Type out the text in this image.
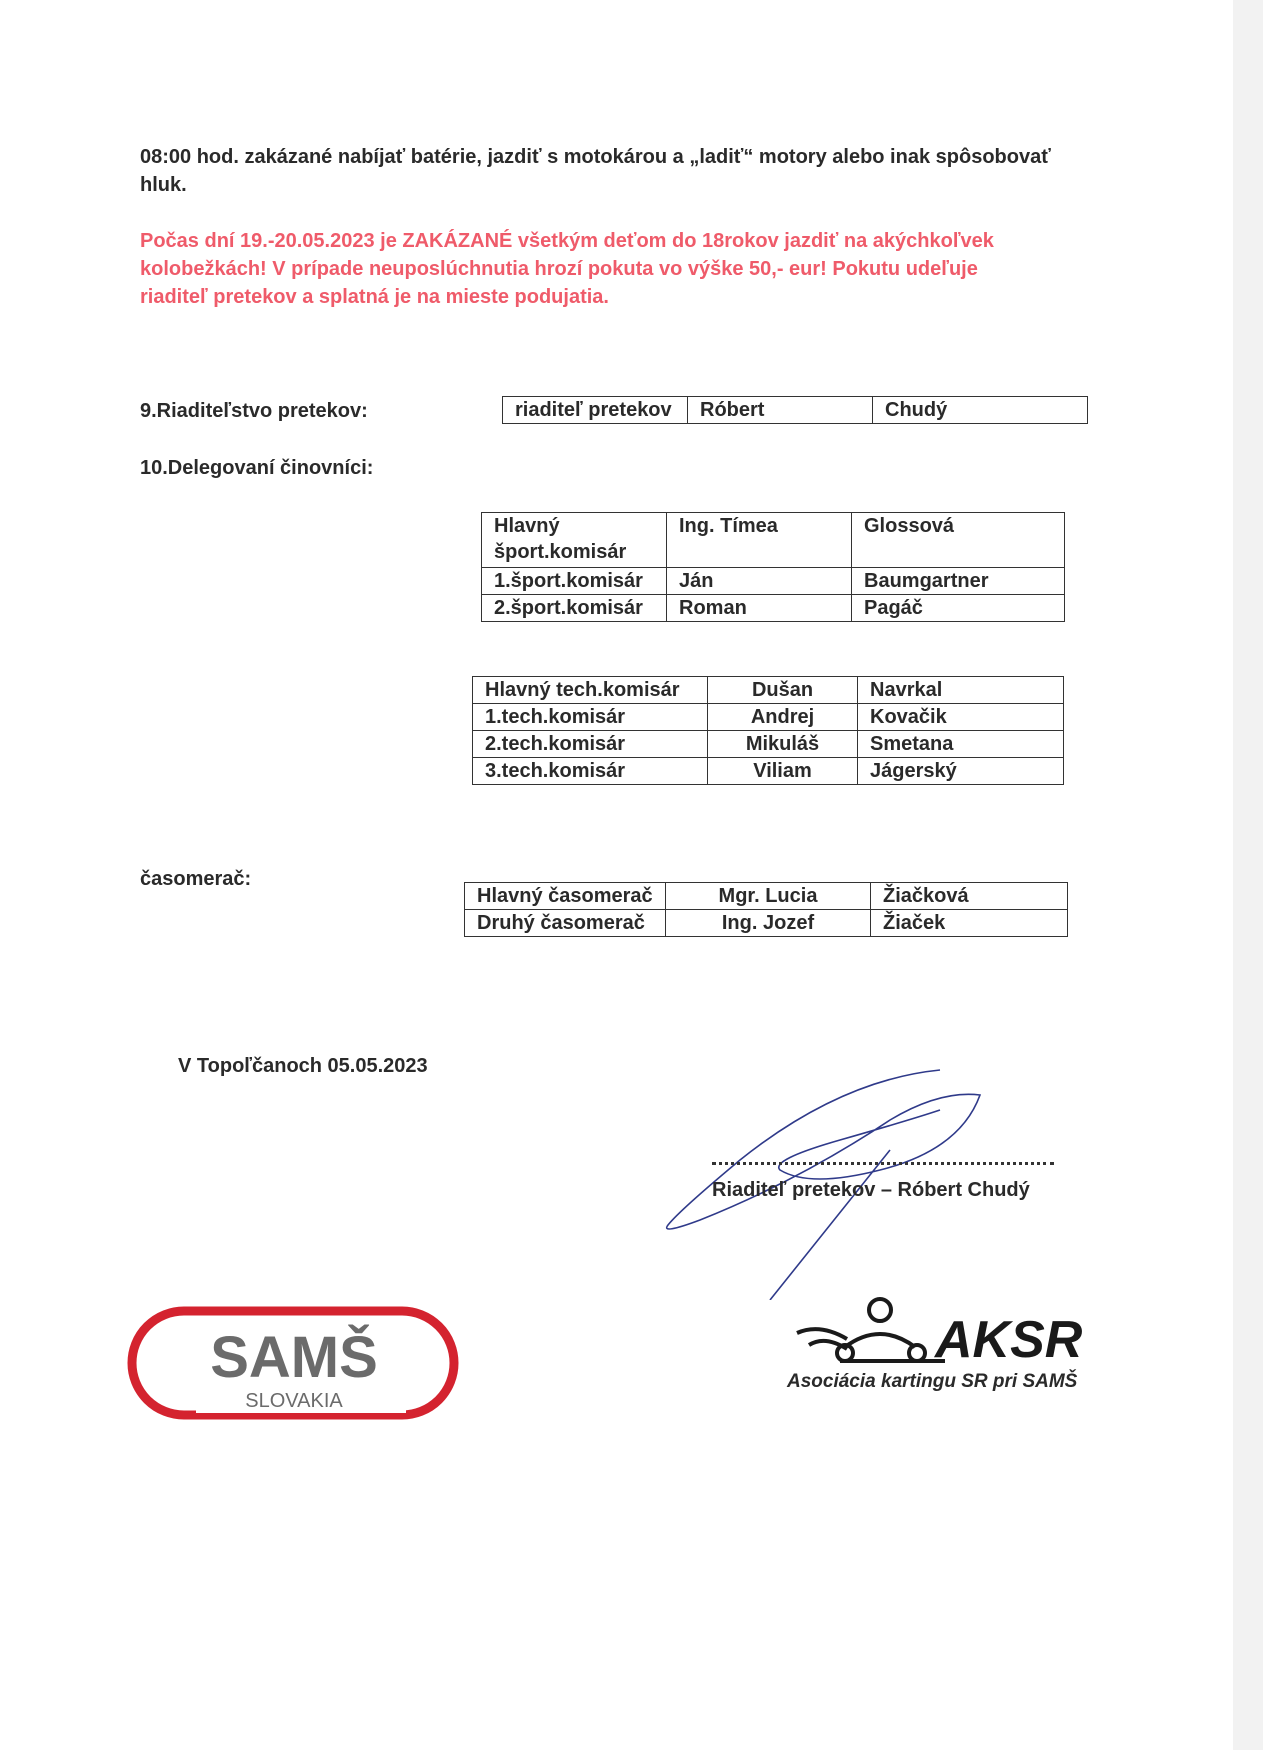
08:00 hod. zakázané nabíjať batérie, jazdiť s motokárou a „ladiť“ motory alebo inak spôsobovať hluk.
Počas dní 19.-20.05.2023 je ZAKÁZANÉ všetkým deťom do 18rokov jazdiť na akýchkoľvek kolobežkách! V prípade neuposlúchnutia hrozí pokuta vo výške 50,- eur! Pokutu udeľuje riaditeľ pretekov a splatná je na mieste podujatia.
9.Riaditeľstvo pretekov:	riaditeľ pretekov	Róbert	Chudý
10.Delegovaní činovníci:
Hlavný šport.komisár	Ing. Tímea	Glossová
1.šport.komisár	Ján	Baumgartner
2.šport.komisár	Roman	Pagáč
Hlavný tech.komisár	Dušan	Navrkal
1.tech.komisár	Andrej	Kovačik
2.tech.komisár	Mikuláš	Smetana
3.tech.komisár	Viliam	Jágerský
časomerač:
Hlavný časomerač	Mgr. Lucia	Žiačková
Druhý časomerač	Ing. Jozef	Žiaček
V Topoľčanoch 05.05.2023
Riaditeľ pretekov – Róbert Chudý
SAMŠ
SLOVAKIA
AKSR
Asociácia kartingu SR pri SAMŠ
